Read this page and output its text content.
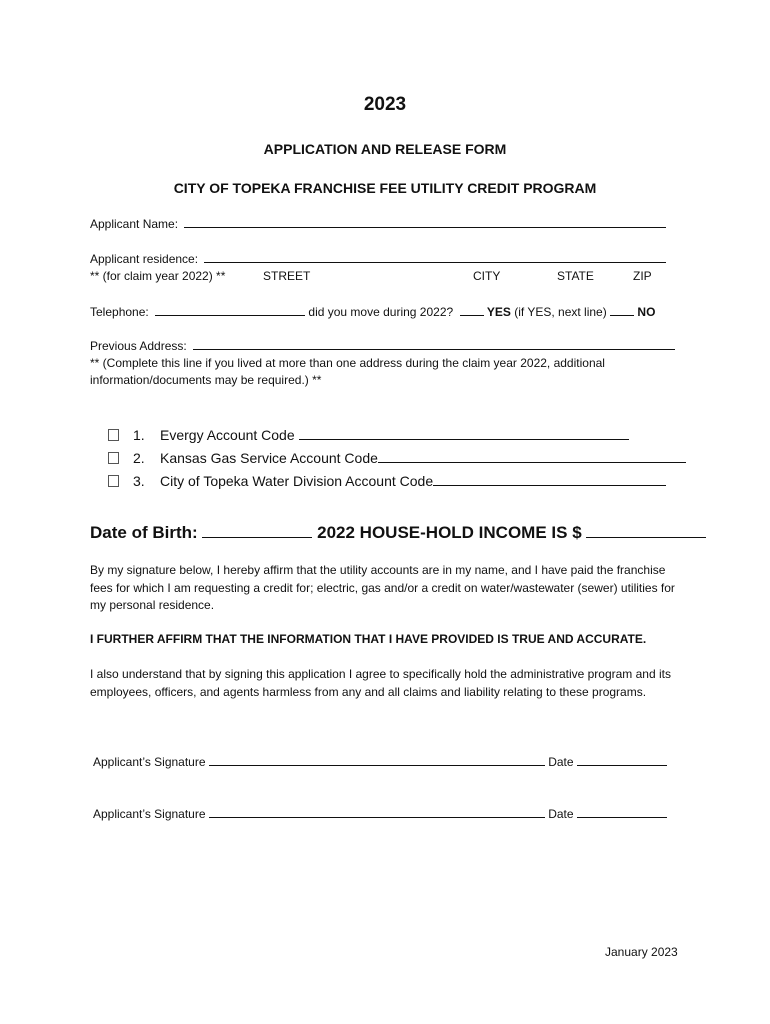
2023
APPLICATION AND RELEASE FORM
CITY OF TOPEKA FRANCHISE FEE UTILITY CREDIT PROGRAM
Applicant Name:
Applicant residence:
** (for claim year 2022) **	STREET	CITY	STATE	ZIP
Telephone:	did you move during 2022?	YES (if YES, next line)	NO
Previous Address:
** (Complete this line if you lived at more than one address during the claim year 2022, additional
information/documents may be required.) **
1. Evergy Account Code
2. Kansas Gas Service Account Code
3. City of Topeka Water Division Account Code
Date of Birth:	2022 HOUSE-HOLD INCOME IS $
By my signature below, I hereby affirm that the utility accounts are in my name, and I have paid the franchise fees for which I am requesting a credit for; electric, gas and/or a credit on water/wastewater (sewer) utilities for my personal residence.
I FURTHER AFFIRM THAT THE INFORMATION THAT I HAVE PROVIDED IS TRUE AND ACCURATE.
I also understand that by signing this application I agree to specifically hold the administrative program and its employees, officers, and agents harmless from any and all claims and liability relating to these programs.
Applicant’s Signature	Date
Applicant’s Signature	Date
January 2023
